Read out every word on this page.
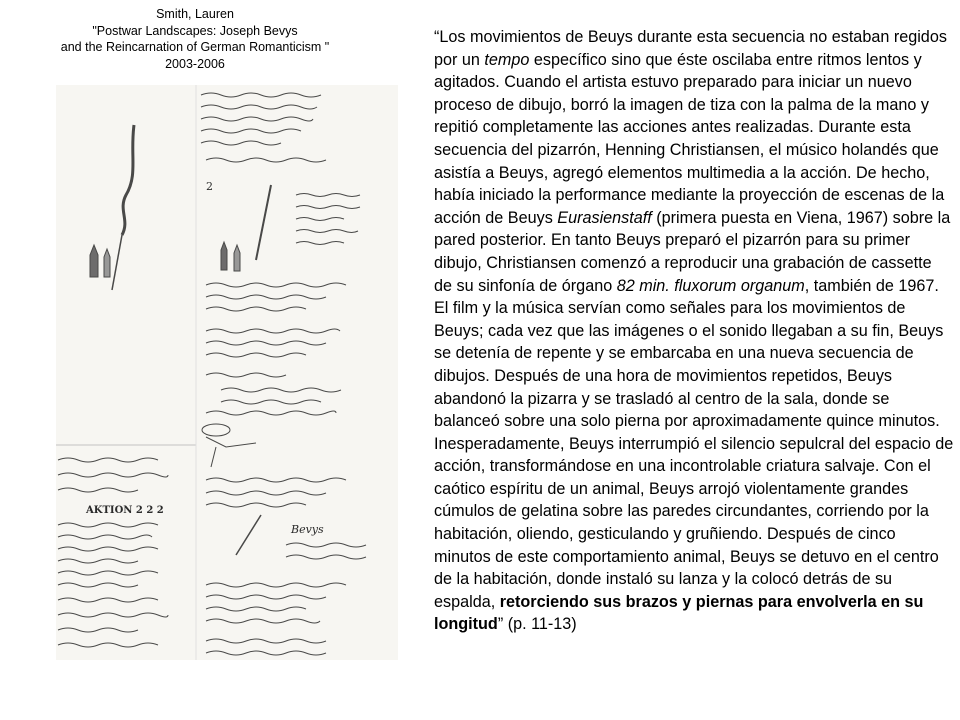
Smith, Lauren
"Postwar Landscapes: Joseph Bevys
and the Reincarnation of German Romanticism "
2003-2006
2
Bevys
AKTION 2 2 2
“Los movimientos de Beuys durante esta secuencia no estaban regidos por un tempo específico sino que éste oscilaba entre ritmos lentos y agitados. Cuando el artista estuvo preparado para iniciar un nuevo proceso de dibujo, borró la imagen de tiza con la palma de la mano y repitió completamente las acciones antes realizadas. Durante esta secuencia del pizarrón, Henning Christiansen, el músico holandés que asistía a Beuys, agregó elementos multimedia a la acción. De hecho, había iniciado la performance mediante la proyección de escenas de la acción de Beuys Eurasienstaff (primera puesta en Viena, 1967) sobre la pared posterior. En tanto Beuys preparó el pizarrón para su primer dibujo, Christiansen comenzó a reproducir una grabación de cassette de su sinfonía de órgano 82 min. fluxorum organum, también de 1967. El film y la música servían como señales para los movimientos de Beuys; cada vez que las imágenes o el sonido llegaban a su fin, Beuys se detenía de repente y se embarcaba en una nueva secuencia de dibujos. Después de una hora de movimientos repetidos, Beuys abandonó la pizarra y se trasladó al centro de la sala, donde se balanceó sobre una solo pierna por aproximadamente quince minutos. Inesperadamente, Beuys interrumpió el silencio sepulcral del espacio de acción, transformándose en una incontrolable criatura salvaje. Con el caótico espíritu de un animal, Beuys arrojó violentamente grandes cúmulos de gelatina sobre las paredes circundantes, corriendo por la habitación, oliendo, gesticulando y gruñiendo. Después de cinco minutos de este comportamiento animal, Beuys se detuvo en el centro de la habitación, donde instaló su lanza y la colocó detrás de su espalda, retorciendo sus brazos y piernas para envolverla en su longitud” (p. 11-13)
